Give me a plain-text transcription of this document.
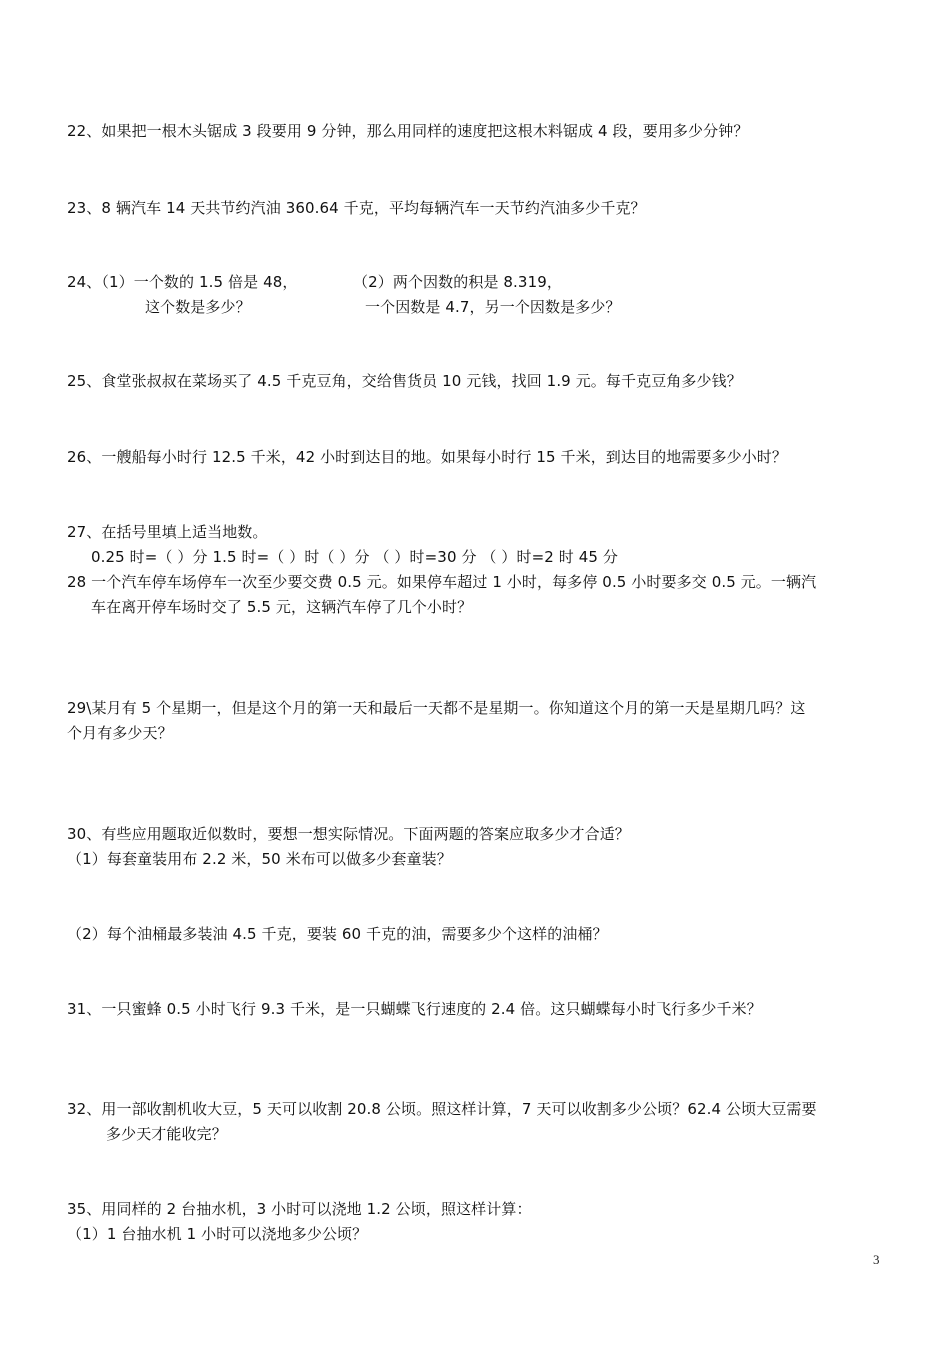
22、如果把一根木头锯成 3 段要用 9 分钟，那么用同样的速度把这根木料锯成 4 段，要用多少分钟？
23、8 辆汽车 14 天共节约汽油 360.64 千克，平均每辆汽车一天节约汽油多少千克？
24、（1）一个数的 1.5 倍是 48，	（2）两个因数的积是 8.319，
这个数是多少？	一个因数是 4.7，另一个因数是多少？
25、食堂张叔叔在菜场买了 4.5 千克豆角，交给售货员 10 元钱，找回 1.9 元。每千克豆角多少钱？
26、一艘船每小时行 12.5 千米，42 小时到达目的地。如果每小时行 15 千米，到达目的地需要多少小时？
27、在括号里填上适当地数。
0.25 时=（ ）分 1.5 时=（ ）时（ ）分 （ ）时=30 分 （ ）时=2 时 45 分
28 一个汽车停车场停车一次至少要交费 0.5 元。如果停车超过 1 小时，每多停 0.5 小时要多交 0.5 元。一辆汽
车在离开停车场时交了 5.5 元，这辆汽车停了几个小时？
29\某月有 5 个星期一，但是这个月的第一天和最后一天都不是星期一。你知道这个月的第一天是星期几吗？这
个月有多少天？
30、有些应用题取近似数时，要想一想实际情况。下面两题的答案应取多少才合适？
（1）每套童装用布 2.2 米，50 米布可以做多少套童装？
（2）每个油桶最多装油 4.5 千克，要装 60 千克的油，需要多少个这样的油桶？
31、一只蜜蜂 0.5 小时飞行 9.3 千米，是一只蝴蝶飞行速度的 2.4 倍。这只蝴蝶每小时飞行多少千米？
32、用一部收割机收大豆，5 天可以收割 20.8 公顷。照这样计算，7 天可以收割多少公顷？62.4 公顷大豆需要
多少天才能收完？
35、用同样的 2 台抽水机，3 小时可以浇地 1.2 公顷，照这样计算：
（1）1 台抽水机 1 小时可以浇地多少公顷？
3
